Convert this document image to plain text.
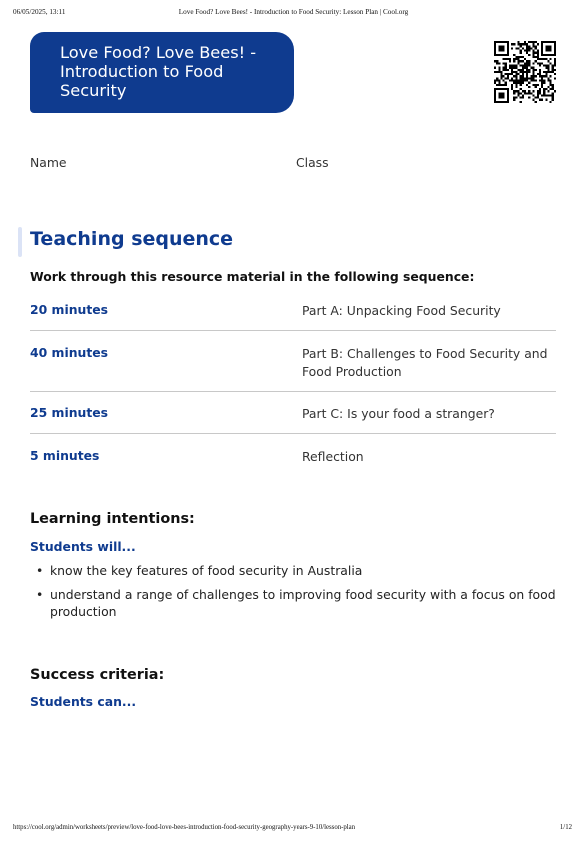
06/05/2025, 13:11	Love Food? Love Bees! - Introduction to Food Security: Lesson Plan | Cool.org
Love Food? Love Bees! -
Introduction to Food
Security
Name	Class
Teaching sequence
Work through this resource material in the following sequence:
20 minutes	Part A: Unpacking Food Security
40 minutes	Part B: Challenges to Food Security and Food Production
25 minutes	Part C: Is your food a stranger?
5 minutes	Reflection
Learning intentions:
Students will...
• know the key features of food security in Australia
• understand a range of challenges to improving food security with a focus on food production
Success criteria:
Students can...
https://cool.org/admin/worksheets/preview/love-food-love-bees-introduction-food-security-geography-years-9-10/lesson-plan	1/12
